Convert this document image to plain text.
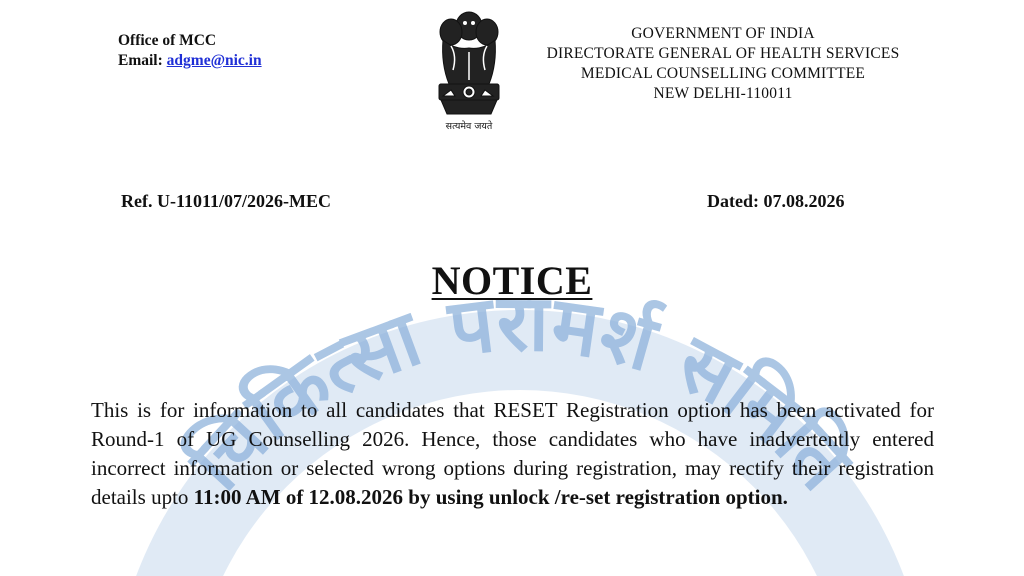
चिकित्सा परामर्श समिति
Office of MCC
Email: adgme@nic.in
सत्यमेव जयते
GOVERNMENT OF INDIA
DIRECTORATE GENERAL OF HEALTH SERVICES
MEDICAL COUNSELLING COMMITTEE
NEW DELHI-110011
Ref. U-11011/07/2026-MEC	Dated: 07.08.2026
NOTICE
This is for information to all candidates that RESET Registration option has been activated for Round-1 of UG Counselling 2026. Hence, those candidates who have inadvertently entered incorrect information or selected wrong options during registration, may rectify their registration details upto 11:00 AM of 12.08.2026 by using unlock /re-set registration option.
